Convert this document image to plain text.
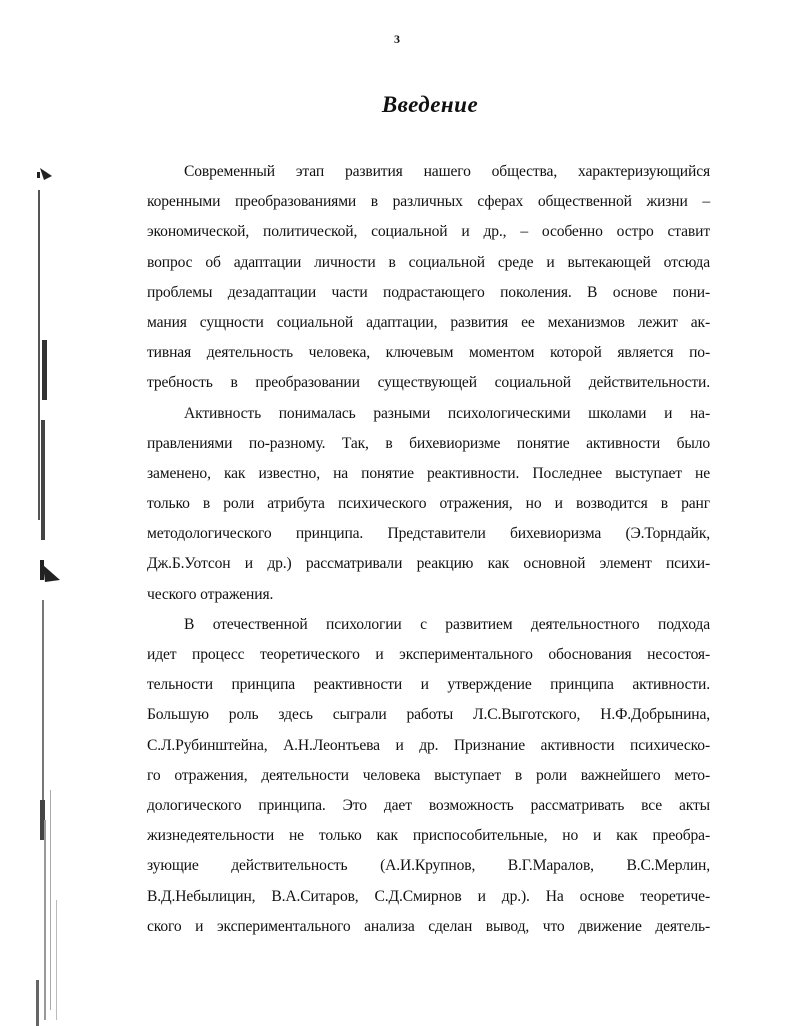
3
Введение
Современный этап развития нашего общества, характеризующийся
коренными преобразованиями в различных сферах общественной жизни –
экономической, политической, социальной и др., – особенно остро ставит
вопрос об адаптации личности в социальной среде и вытекающей отсюда
проблемы дезадаптации части подрастающего поколения. В основе пони-
мания сущности социальной адаптации, развития ее механизмов лежит ак-
тивная деятельность человека, ключевым моментом которой является по-
требность в преобразовании существующей социальной действительности.
Активность понималась разными психологическими школами и на-
правлениями по-разному. Так, в бихевиоризме понятие активности было
заменено, как известно, на понятие реактивности. Последнее выступает не
только в роли атрибута психического отражения, но и возводится в ранг
методологического принципа. Представители бихевиоризма (Э.Торндайк,
Дж.Б.Уотсон и др.) рассматривали реакцию как основной элемент психи-
ческого отражения.
В отечественной психологии с развитием деятельностного подхода
идет процесс теоретического и экспериментального обоснования несостоя-
тельности принципа реактивности и утверждение принципа активности.
Большую роль здесь сыграли работы Л.С.Выготского, Н.Ф.Добрынина,
С.Л.Рубинштейна, А.Н.Леонтьева и др. Признание активности психическо-
го отражения, деятельности человека выступает в роли важнейшего мето-
дологического принципа. Это дает возможность рассматривать все акты
жизнедеятельности не только как приспособительные, но и как преобра-
зующие действительность (А.И.Крупнов, В.Г.Маралов, В.С.Мерлин,
В.Д.Небылицин, В.А.Ситаров, С.Д.Смирнов и др.). На основе теоретиче-
ского и экспериментального анализа сделан вывод, что движение деятель-
